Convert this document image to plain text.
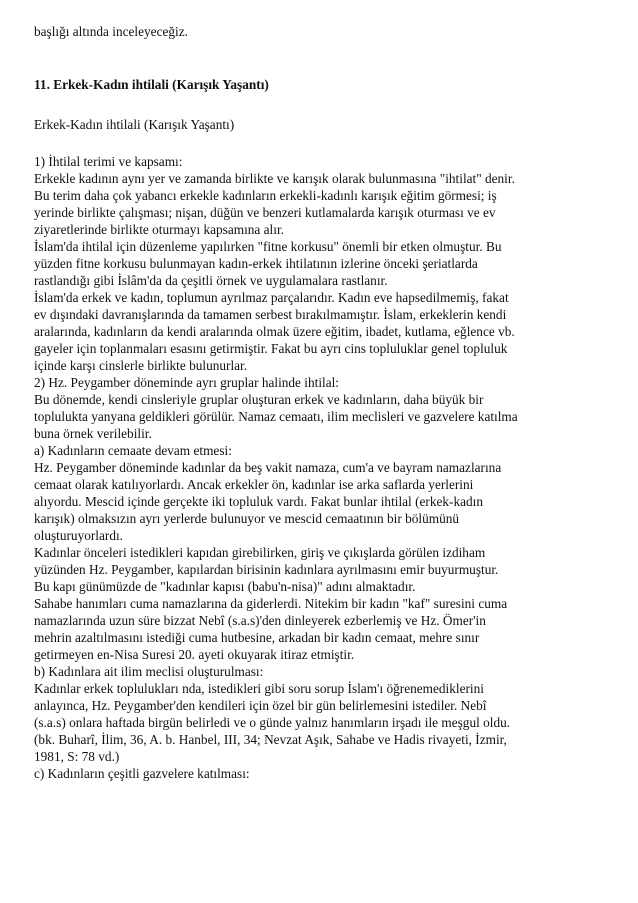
başlığı altında inceleyeceğiz.
11. Erkek-Kadın ihtilali (Karışık Yaşantı)
Erkek-Kadın ihtilali (Karışık Yaşantı)
1) İhtilal terimi ve kapsamı:
Erkekle kadının aynı yer ve zamanda birlikte ve karışık olarak bulunmasına "ihtilat" denir.
Bu terim daha çok yabancı erkekle kadınların erkekli-kadınlı karışık eğitim görmesi; iş
yerinde birlikte çalışması; nişan, düğün ve benzeri kutlamalarda karışık oturması ve ev
ziyaretlerinde birlikte oturmayı kapsamına alır.
İslam'da ihtilal için düzenleme yapılırken "fitne korkusu" önemli bir etken olmuştur. Bu
yüzden fitne korkusu bulunmayan kadın-erkek ihtilatının izlerine önceki şeriatlarda
rastlandığı gibi İslâm'da da çeşitli örnek ve uygulamalara rastlanır.
İslam'da erkek ve kadın, toplumun ayrılmaz parçalarıdır. Kadın eve hapsedilmemiş, fakat
ev dışındaki davranışlarında da tamamen serbest bırakılmamıştır. İslam, erkeklerin kendi
aralarında, kadınların da kendi aralarında olmak üzere eğitim, ibadet, kutlama, eğlence vb.
gayeler için toplanmaları esasını getirmiştir. Fakat bu ayrı cins topluluklar genel topluluk
içinde karşı cinslerle birlikte bulunurlar.
2) Hz. Peygamber döneminde ayrı gruplar halinde ihtilal:
Bu dönemde, kendi cinsleriyle gruplar oluşturan erkek ve kadınların, daha büyük bir
toplulukta yanyana geldikleri görülür. Namaz cemaatı, ilim meclisleri ve gazvelere katılma
buna örnek verilebilir.
a) Kadınların cemaate devam etmesi:
Hz. Peygamber döneminde kadınlar da beş vakit namaza, cum'a ve bayram namazlarına
cemaat olarak katılıyorlardı. Ancak erkekler ön, kadınlar ise arka saflarda yerlerini
alıyordu. Mescid içinde gerçekte iki topluluk vardı. Fakat bunlar ihtilal (erkek-kadın
karışık) olmaksızın ayrı yerlerde bulunuyor ve mescid cemaatının bir bölümünü
oluşturuyorlardı.
Kadınlar önceleri istedikleri kapıdan girebilirken, giriş ve çıkışlarda görülen izdiham
yüzünden Hz. Peygamber, kapılardan birisinin kadınlara ayrılmasını emir buyurmuştur.
Bu kapı günümüzde de "kadınlar kapısı (babu'n-nisa)" adını almaktadır.
Sahabe hanımları cuma namazlarına da giderlerdi. Nitekim bir kadın "kaf" suresini cuma
namazlarında uzun süre bizzat Nebî (s.a.s)'den dinleyerek ezberlemiş ve Hz. Ömer'in
mehrin azaltılmasını istediği cuma hutbesine, arkadan bir kadın cemaat, mehre sınır
getirmeyen en-Nisa Suresi 20. ayeti okuyarak itiraz etmiştir.
b) Kadınlara ait ilim meclisi oluşturulması:
Kadınlar erkek toplulukları nda, istedikleri gibi soru sorup İslam'ı öğrenemediklerini
anlayınca, Hz. Peygamber'den kendileri için özel bir gün belirlemesini istediler. Nebî
(s.a.s) onlara haftada birgün belirledi ve o günde yalnız hanımların irşadı ile meşgul oldu.
(bk. Buharî, İlim, 36, A. b. Hanbel, III, 34; Nevzat Aşık, Sahabe ve Hadis rivayeti, İzmir,
1981, S: 78 vd.)
c) Kadınların çeşitli gazvelere katılması:
